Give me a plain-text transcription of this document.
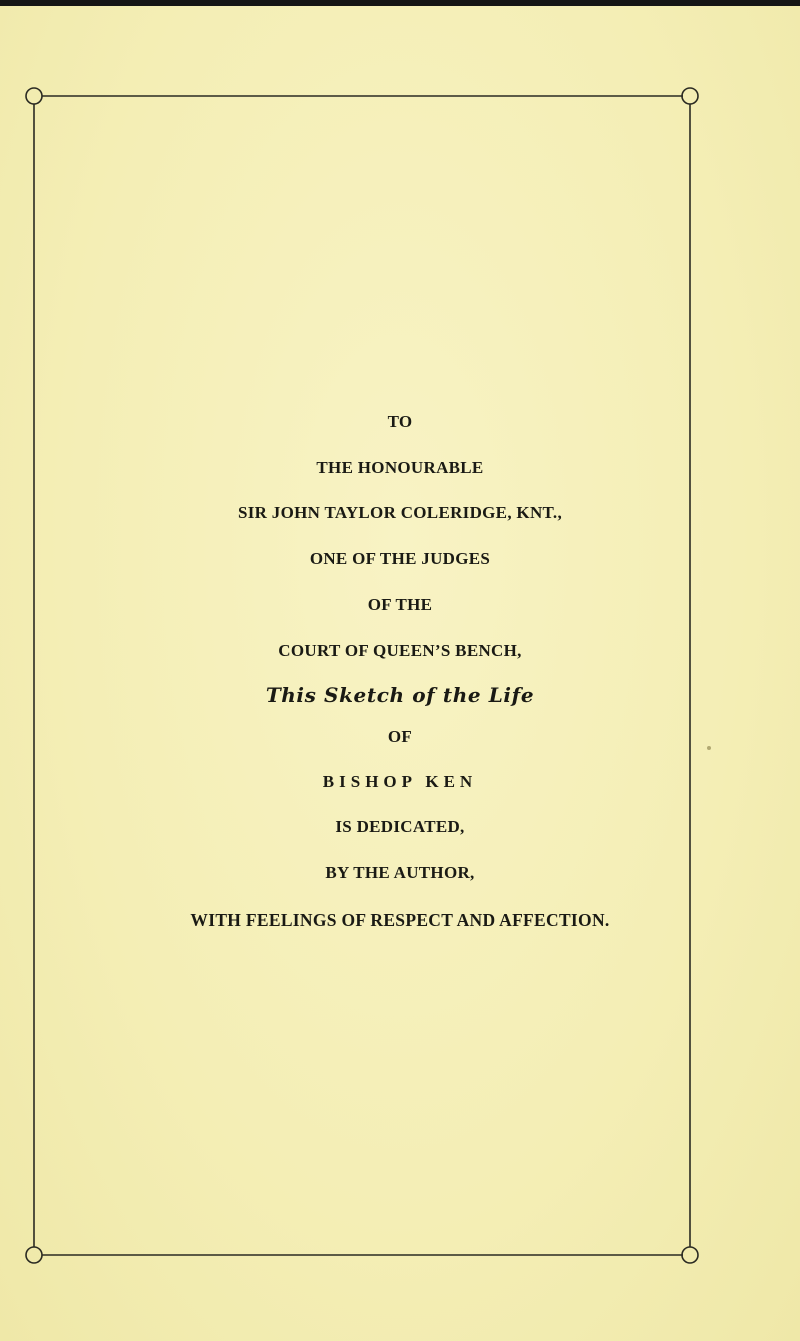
TO
THE HONOURABLE
SIR JOHN TAYLOR COLERIDGE, KNT.,
ONE OF THE JUDGES
OF THE
COURT OF QUEEN’S BENCH,
This Sketch of the Life
OF
BISHOP KEN
IS DEDICATED,
BY THE AUTHOR,
WITH FEELINGS OF RESPECT AND AFFECTION.
